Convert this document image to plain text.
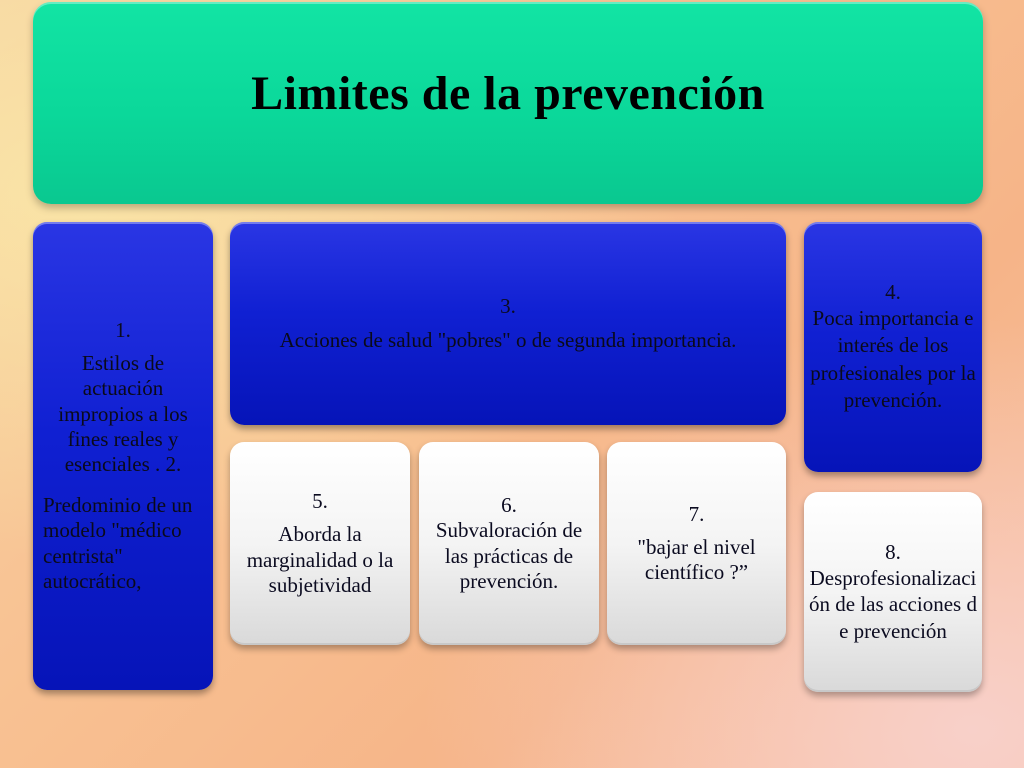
Limites de la prevención
1.
Estilos de actuación impropios a los fines reales y esenciales . 2.
Predominio de un modelo "médico centrista" autocrático,
3.
Acciones de salud "pobres" o de segunda importancia.
4.
Poca importancia e interés de los profesionales por la prevención.
5.
Aborda la marginalidad o la subjetividad
6.
Subvaloración de las prácticas de prevención.
7.
"bajar el nivel científico ?”
8.
Desprofesionalización de las acciones de prevención
